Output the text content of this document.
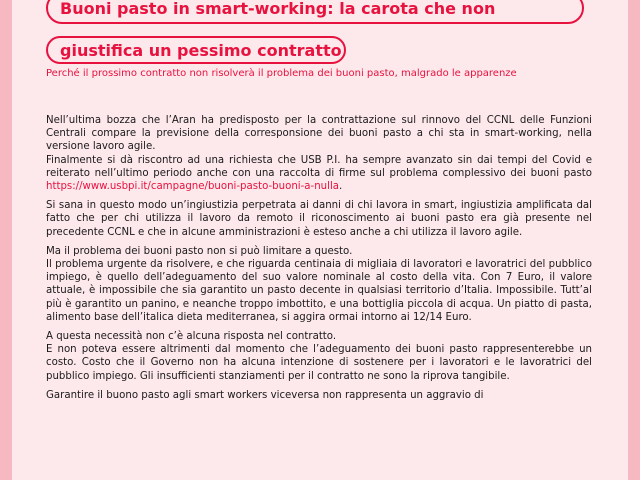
Buoni pasto in smart-working: la carota che non
giustifica un pessimo contratto
Perché il prossimo contratto non risolverà il problema dei buoni pasto, malgrado le apparenze

Nell’ultima bozza che l’Aran ha predisposto per la contrattazione sul rinnovo del CCNL delle Funzioni Centrali compare la previsione della corresponsione dei buoni pasto a chi sta in smart-working, nella versione lavoro agile.

Finalmente si dà riscontro ad una richiesta che USB P.I. ha sempre avanzato sin dai tempi del Covid e reiterato nell’ultimo periodo anche con una raccolta di firme sul problema complessivo dei buoni pasto https://www.usbpi.it/campagne/buoni-pasto-buoni-a-nulla.

Si sana in questo modo un’ingiustizia perpetrata ai danni di chi lavora in smart, ingiustizia amplificata dal fatto che per chi utilizza il lavoro da remoto il riconoscimento ai buoni pasto era già presente nel precedente CCNL e che in alcune amministrazioni è esteso anche a chi utilizza il lavoro agile.

Ma il problema dei buoni pasto non si può limitare a questo.

Il problema urgente da risolvere, e che riguarda centinaia di migliaia di lavoratori e lavoratrici del pubblico impiego, è quello dell’adeguamento del suo valore nominale al costo della vita. Con 7 Euro, il valore attuale, è impossibile che sia garantito un pasto decente in qualsiasi territorio d’Italia. Impossibile. Tutt’al più è garantito un panino, e neanche troppo imbottito, e una bottiglia piccola di acqua. Un piatto di pasta, alimento base dell’italica dieta mediterranea, si aggira ormai intorno ai 12/14 Euro.

A questa necessità non c’è alcuna risposta nel contratto.

E non poteva essere altrimenti dal momento che l’adeguamento dei buoni pasto rappresenterebbe un costo. Costo che il Governo non ha alcuna intenzione di sostenere per i lavoratori e le lavoratrici del pubblico impiego. Gli insufficienti stanziamenti per il contratto ne sono la riprova tangibile.

Garantire il buono pasto agli smart workers viceversa non rappresenta un aggravio di
